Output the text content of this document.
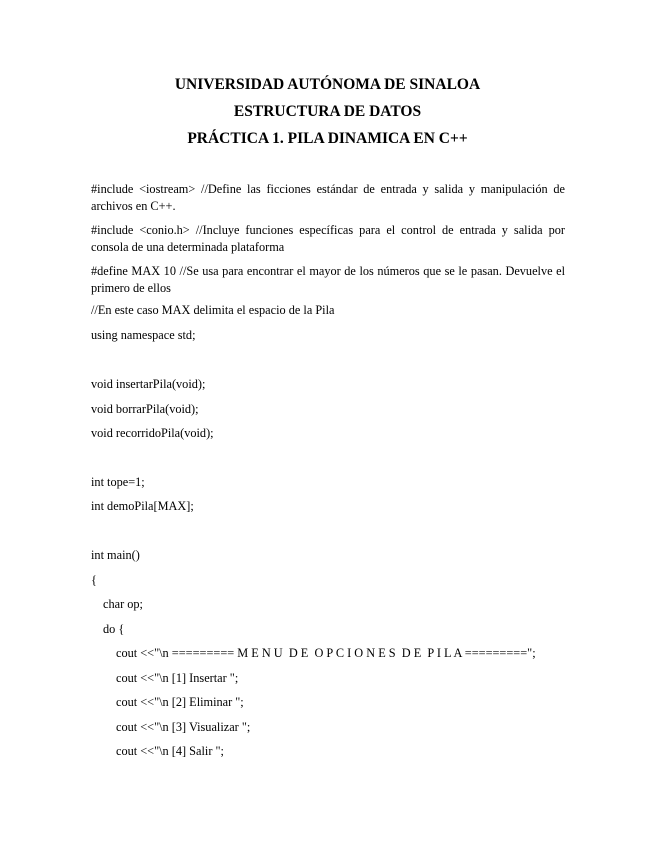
UNIVERSIDAD AUTÓNOMA DE SINALOA
ESTRUCTURA DE DATOS
PRÁCTICA 1. PILA DINAMICA EN C++
#include <iostream> //Define las ficciones estándar de entrada y salida y manipulación de archivos en C++.
#include <conio.h> //Incluye funciones específicas para el control de entrada y salida por consola de una determinada plataforma
#define MAX 10 //Se usa para encontrar el mayor de los números que se le pasan. Devuelve el primero de ellos
//En este caso MAX delimita el espacio de la Pila
using namespace std;
void insertarPila(void);
void borrarPila(void);
void recorridoPila(void);
int tope=1;
int demoPila[MAX];
int main()
{
char op;
do {
cout <<"\n ========= M E N U  D E  O P C I O N E S  D E  P I L A =========";
cout <<"\n [1] Insertar ";
cout <<"\n [2] Eliminar ";
cout <<"\n [3] Visualizar ";
cout <<"\n [4] Salir ";
